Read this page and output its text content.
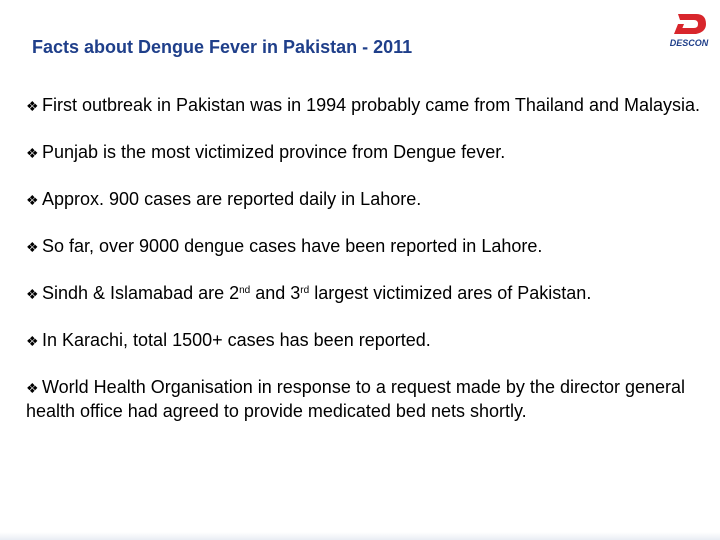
Facts about Dengue Fever in Pakistan - 2011	DESCON
❖ First outbreak in Pakistan was in 1994 probably came from Thailand and Malaysia.
❖ Punjab is the most victimized province from Dengue fever.
❖ Approx. 900 cases are reported daily in Lahore.
❖ So far, over 9000 dengue cases have been reported in Lahore.
❖ Sindh & Islamabad are 2nd and 3rd largest victimized ares of Pakistan.
❖ In Karachi, total 1500+ cases has been reported.
❖ World Health Organisation in response to a request made by the director general health office had agreed to provide medicated bed nets shortly.
